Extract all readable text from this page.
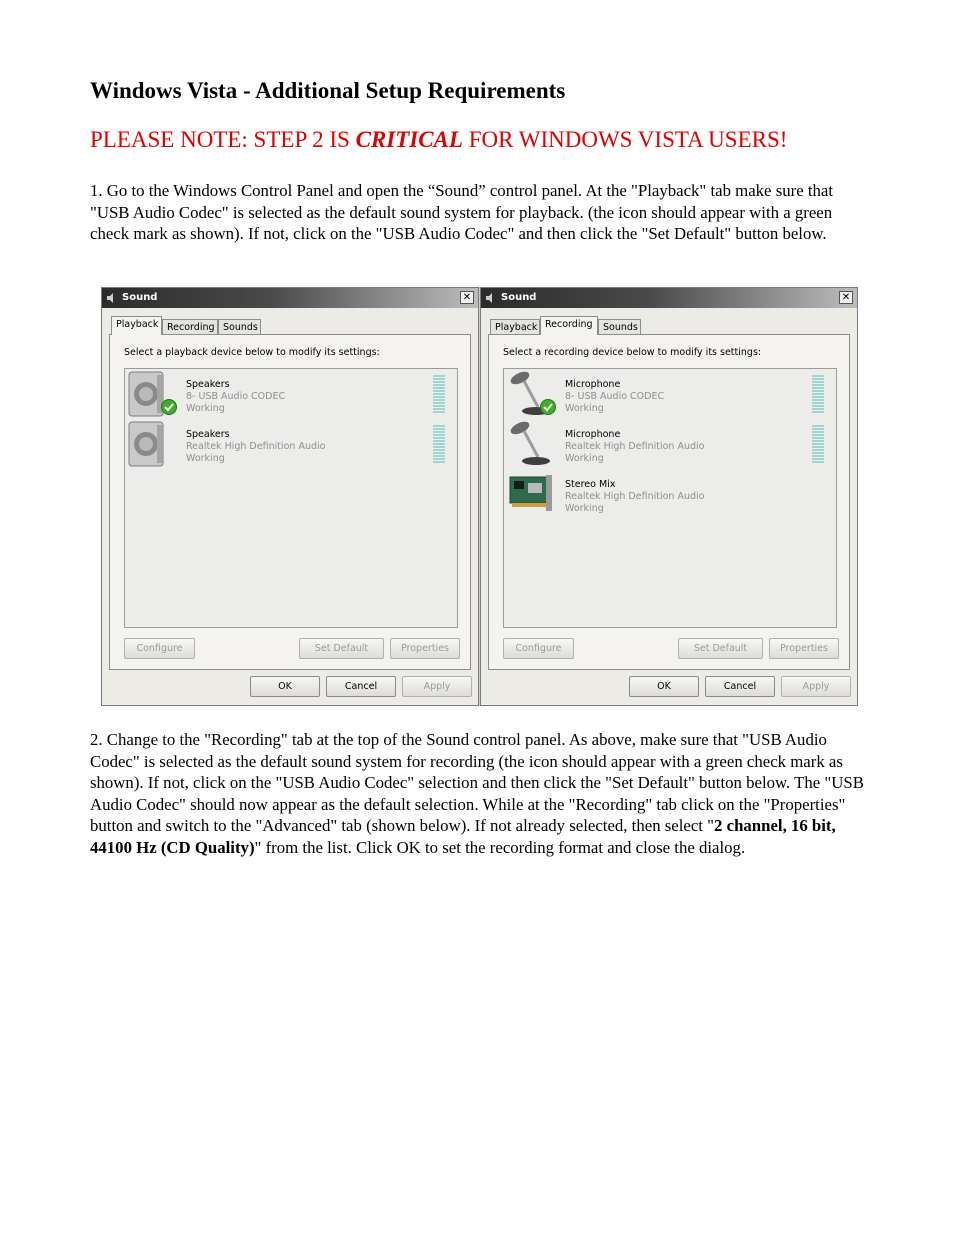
Windows Vista - Additional Setup Requirements

PLEASE NOTE: STEP 2 IS CRITICAL FOR WINDOWS VISTA USERS!

1. Go to the Windows Control Panel and open the “Sound” control panel. At the "Playback" tab make sure that "USB Audio Codec" is selected as the default sound system for playback. (the icon should appear with a green check mark as shown). If not, click on the "USB Audio Codec" and then click the "Set Default" button below.

Sound	✕
Playback Recording Sounds
Select a playback device below to modify its settings:
Speakers
8- USB Audio CODEC
Working
Speakers
Realtek High Definition Audio
Working
Configure	Set Default	Properties
OK	Cancel	Apply
Sound	✕
Playback Recording	Sounds
Select a recording device below to modify its settings:
Microphone
8- USB Audio CODEC
Working
Microphone
Realtek High Definition Audio
Working
Stereo Mix
Realtek High Definition Audio
Working
Configure	Set Default	Properties
OK	Cancel	Apply

2. Change to the "Recording" tab at the top of the Sound control panel. As above, make sure that "USB Audio Codec" is selected as the default sound system for recording (the icon should appear with a green check mark as shown). If not, click on the "USB Audio Codec" selection and then click the "Set Default" button below. The "USB Audio Codec" should now appear as the default selection. While at the "Recording" tab click on the "Properties" button and switch to the "Advanced" tab (shown below). If not already selected, then select "2 channel, 16 bit, 44100 Hz (CD Quality)" from the list. Click OK to set the recording format and close the dialog.
